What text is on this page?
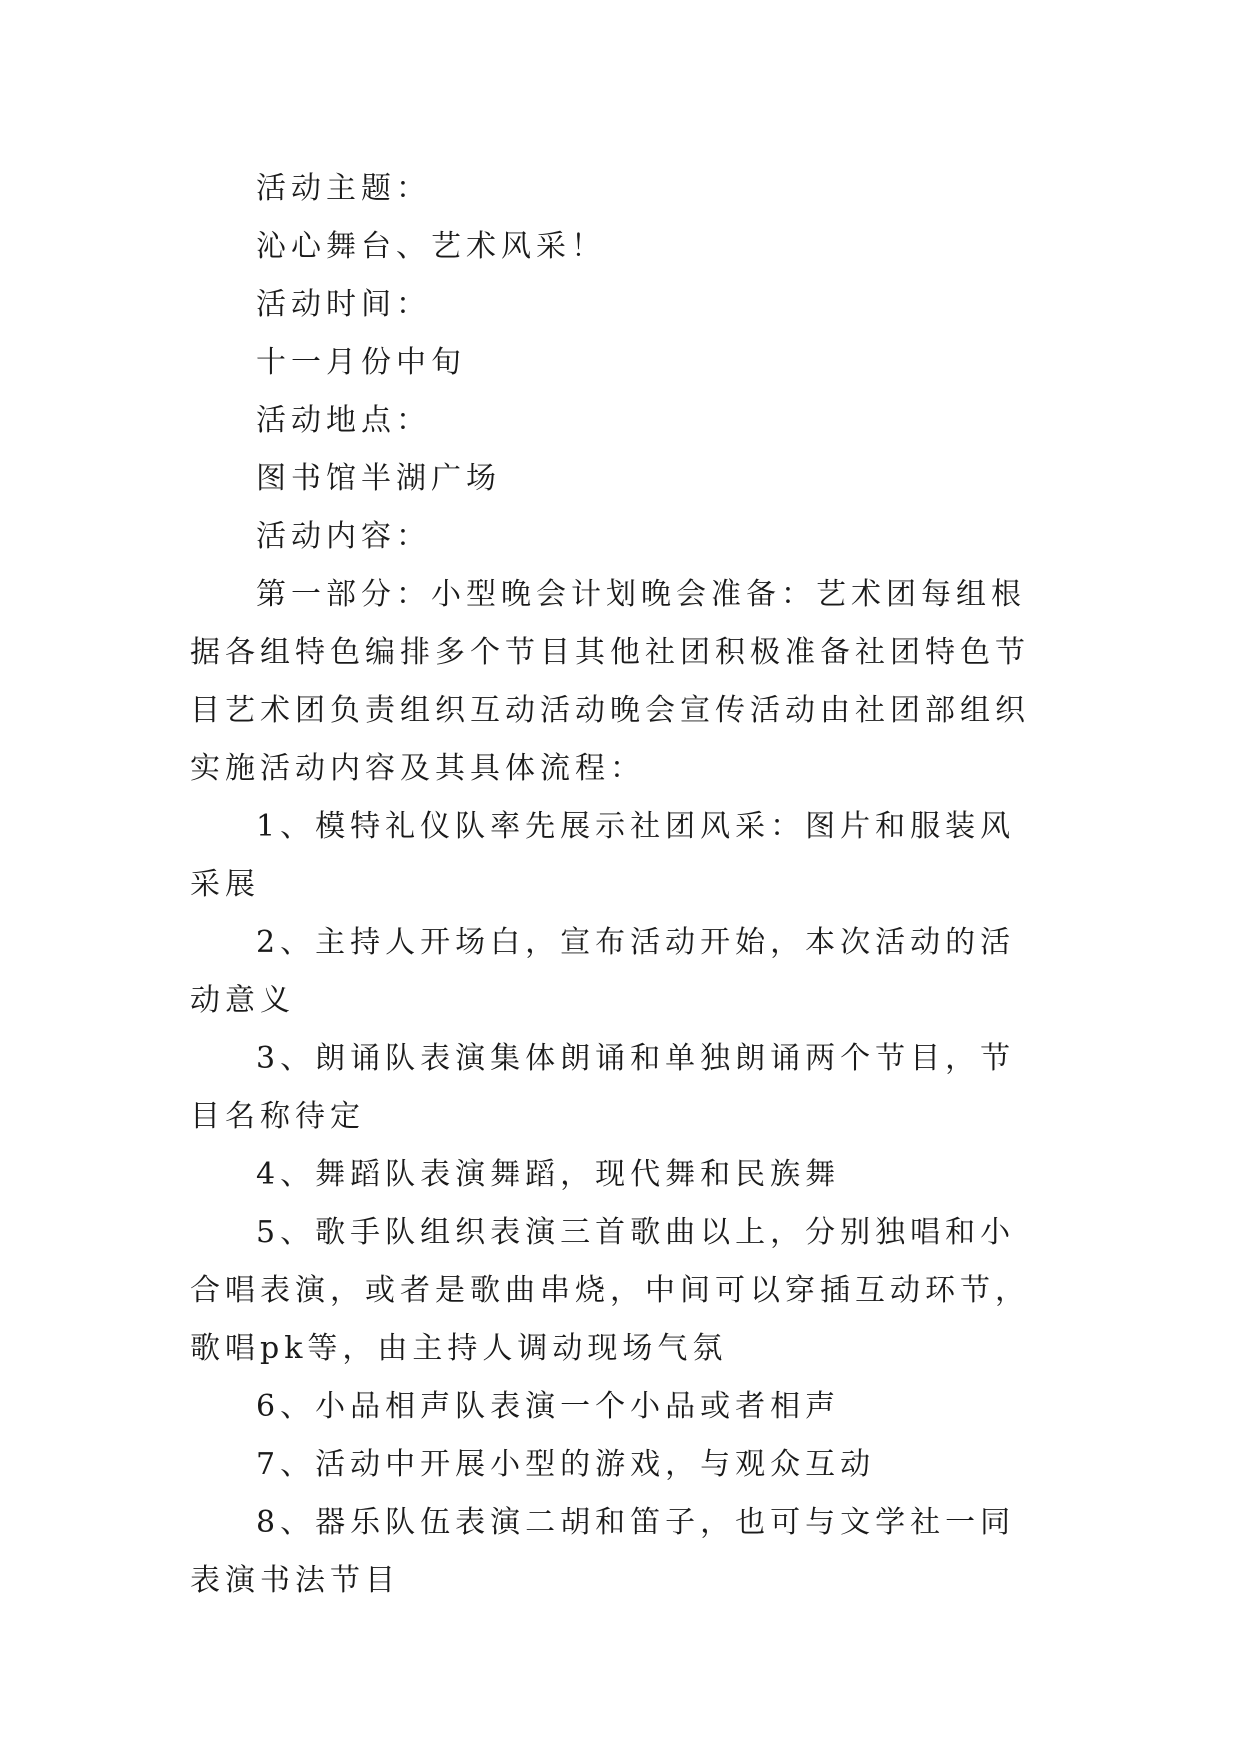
活动主题：

沁心舞台、艺术风采！

活动时间：

十一月份中旬

活动地点：

图书馆半湖广场

活动内容：

第一部分：小型晚会计划晚会准备：艺术团每组根据各组特色编排多个节目其他社团积极准备社团特色节目艺术团负责组织互动活动晚会宣传活动由社团部组织实施活动内容及其具体流程：

1、模特礼仪队率先展示社团风采：图片和服装风采展

2、主持人开场白，宣布活动开始，本次活动的活动意义

3、朗诵队表演集体朗诵和单独朗诵两个节目，节目名称待定

4、舞蹈队表演舞蹈，现代舞和民族舞

5、歌手队组织表演三首歌曲以上，分别独唱和小合唱表演，或者是歌曲串烧，中间可以穿插互动环节，歌唱pk等，由主持人调动现场气氛

6、小品相声队表演一个小品或者相声

7、活动中开展小型的游戏，与观众互动

8、器乐队伍表演二胡和笛子，也可与文学社一同表演书法节目
